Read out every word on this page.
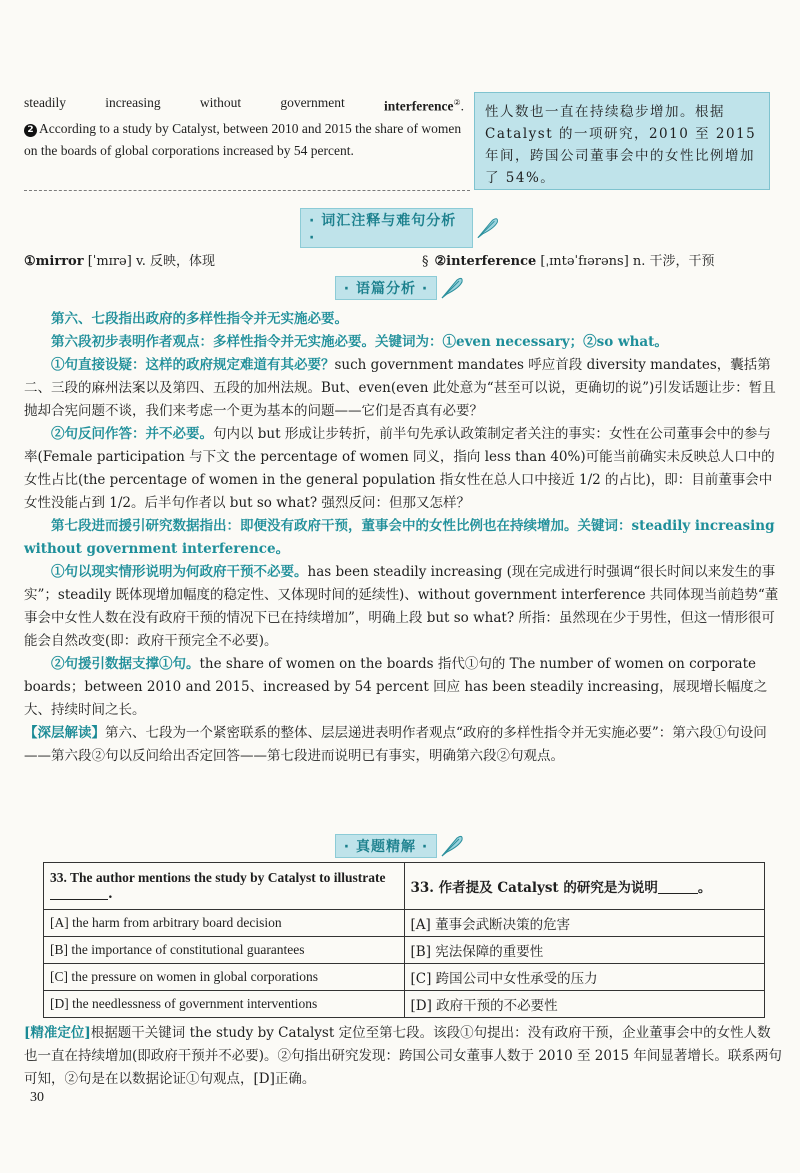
steadily	increasing	without	government	interference②.
2 According to a study by Catalyst, between 2010 and 2015 the share of women on the boards of global corporations increased by 54 percent.
性人数也一直在持续稳步增加。根据 Catalyst 的一项研究，2010 至 2015 年间，跨国公司董事会中的女性比例增加了 54%。
· 词汇注释与难句分析 ·
①mirror [ˈmɪrə] v. 反映，体现	§ ②interference [ˌɪntəˈfɪərəns] n. 干涉，干预
· 语篇分析 ·

第六、七段指出政府的多样性指令并无实施必要。

第六段初步表明作者观点：多样性指令并无实施必要。关键词为：①even necessary；②so what。

①句直接设疑：这样的政府规定难道有其必要？such government mandates 呼应首段 diversity mandates，囊括第二、三段的麻州法案以及第四、五段的加州法规。But、even(even 此处意为“甚至可以说，更确切的说”)引发话题让步：暂且抛却合宪问题不谈，我们来考虑一个更为基本的问题——它们是否真有必要？

②句反问作答：并不必要。句内以 but 形成让步转折，前半句先承认政策制定者关注的事实：女性在公司董事会中的参与率(Female participation 与下文 the percentage of women 同义，指向 less than 40%)可能当前确实未反映总人口中的女性占比(the percentage of women in the general population 指女性在总人口中接近 1/2 的占比)，即：目前董事会中女性没能占到 1/2。后半句作者以 but so what? 强烈反问：但那又怎样？

第七段进而援引研究数据指出：即便没有政府干预，董事会中的女性比例也在持续增加。关键词：steadily increasing without government interference。

①句以现实情形说明为何政府干预不必要。has been steadily increasing (现在完成进行时强调“很长时间以来发生的事实”；steadily 既体现增加幅度的稳定性、又体现时间的延续性)、without government interference 共同体现当前趋势“董事会中女性人数在没有政府干预的情况下已在持续增加”，明确上段 but so what? 所指：虽然现在少于男性，但这一情形很可能会自然改变(即：政府干预完全不必要)。

②句援引数据支撑①句。the share of women on the boards 指代①句的 The number of women on corporate boards；between 2010 and 2015、increased by 54 percent 回应 has been steadily increasing，展现增长幅度之大、持续时间之长。

【深层解读】第六、七段为一个紧密联系的整体、层层递进表明作者观点“政府的多样性指令并无实施必要”：第六段①句设问——第六段②句以反问给出否定回答——第七段进而说明已有事实，明确第六段②句观点。

· 真题精解 ·
33. The author mentions the study by Catalyst to illustrate .	33. 作者提及 Catalyst 的研究是为说明 。
[A] the harm from arbitrary board decision	[A] 董事会武断决策的危害
[B] the importance of constitutional guarantees	[B] 宪法保障的重要性
[C] the pressure on women in global corporations	[C] 跨国公司中女性承受的压力
[D] the needlessness of government interventions	[D] 政府干预的不必要性
[精准定位]根据题干关键词 the study by Catalyst 定位至第七段。该段①句提出：没有政府干预，企业董事会中的女性人数也一直在持续增加(即政府干预并不必要)。②句指出研究发现：跨国公司女董事人数于 2010 至 2015 年间显著增长。联系两句可知，②句是在以数据论证①句观点，[D]正确。
30
